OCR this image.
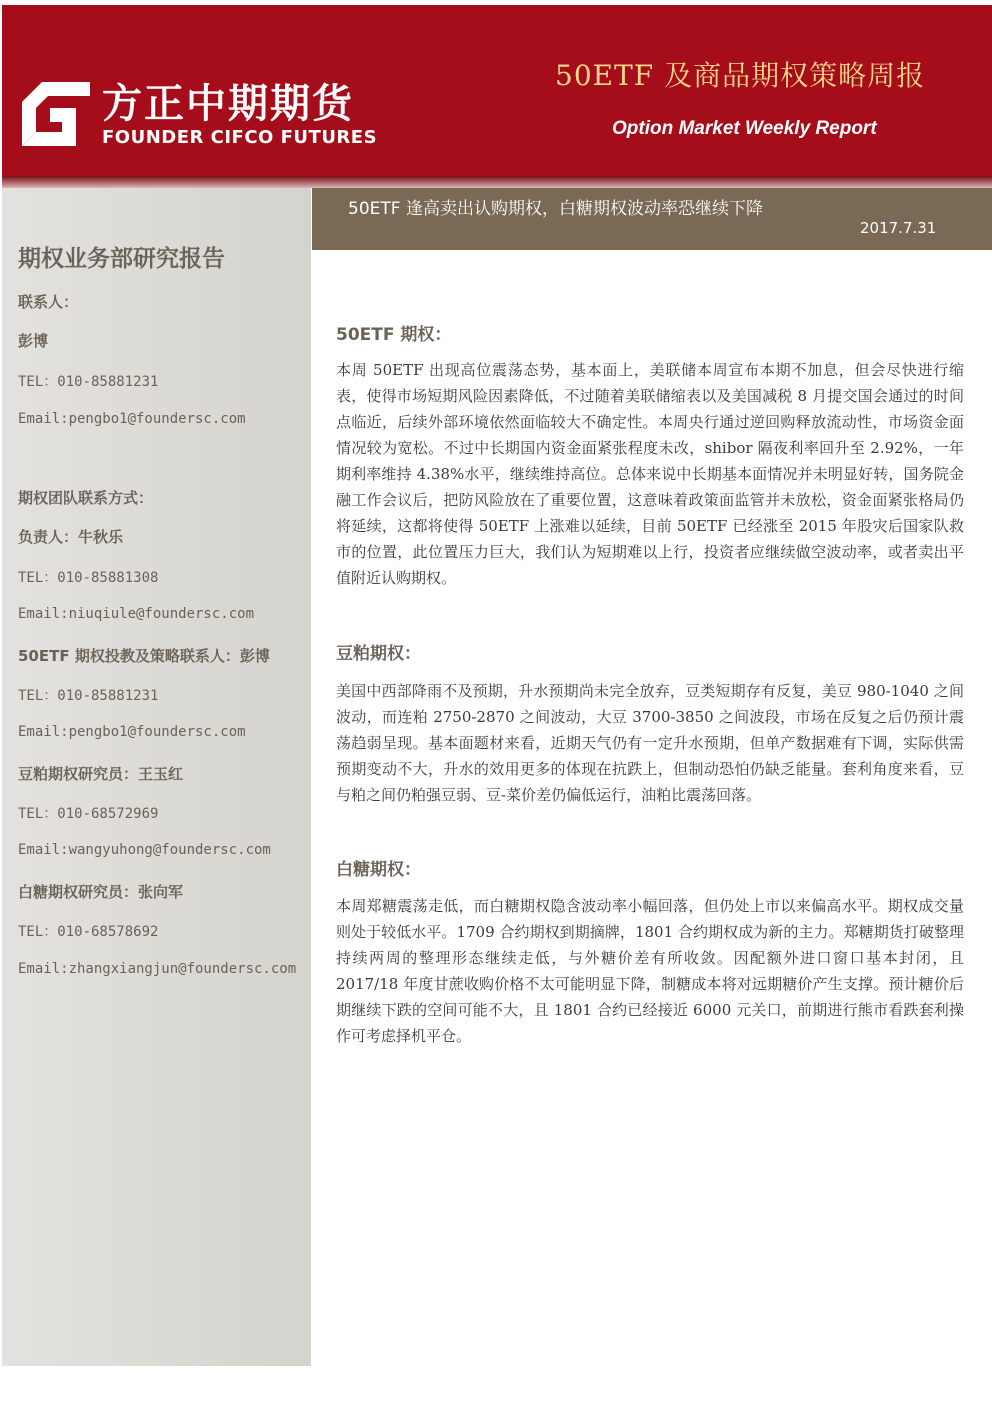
方正中期期货
FOUNDER CIFCO FUTURES
50ETF 及商品期权策略周报
Option Market Weekly Report
50ETF 逢高卖出认购期权，白糖期权波动率恐继续下降
2017.7.31
期权业务部研究报告
联系人：
彭博
TEL：010-85881231
Email:pengbo1@foundersc.com
期权团队联系方式：
负责人：牛秋乐
TEL：010-85881308
Email:niuqiule@foundersc.com
50ETF 期权投教及策略联系人：彭博
TEL：010-85881231
Email:pengbo1@foundersc.com
豆粕期权研究员：王玉红
TEL：010-68572969
Email:wangyuhong@foundersc.com
白糖期权研究员：张向军
TEL：010-68578692
Email:zhangxiangjun@foundersc.com
50ETF 期权：

本周 50ETF 出现高位震荡态势，基本面上，美联储本周宣布本期不加息，但会尽快进行缩表，使得市场短期风险因素降低，不过随着美联储缩表以及美国减税 8 月提交国会通过的时间点临近，后续外部环境依然面临较大不确定性。本周央行通过逆回购释放流动性，市场资金面情况较为宽松。不过中长期国内资金面紧张程度未改，shibor 隔夜利率回升至 2.92%，一年期利率维持 4.38%水平，继续维持高位。总体来说中长期基本面情况并未明显好转，国务院金融工作会议后，把防风险放在了重要位置，这意味着政策面监管并未放松，资金面紧张格局仍将延续，这都将使得 50ETF 上涨难以延续，目前 50ETF 已经涨至 2015 年股灾后国家队救市的位置，此位置压力巨大，我们认为短期难以上行，投资者应继续做空波动率，或者卖出平值附近认购期权。

豆粕期权：

美国中西部降雨不及预期，升水预期尚未完全放弃，豆类短期存有反复，美豆 980-1040 之间波动，而连粕 2750-2870 之间波动，大豆 3700-3850 之间波段，市场在反复之后仍预计震荡趋弱呈现。基本面题材来看，近期天气仍有一定升水预期，但单产数据难有下调，实际供需预期变动不大，升水的效用更多的体现在抗跌上，但制动恐怕仍缺乏能量。套利角度来看，豆与粕之间仍粕强豆弱、豆-菜价差仍偏低运行，油粕比震荡回落。

白糖期权：

本周郑糖震荡走低，而白糖期权隐含波动率小幅回落，但仍处上市以来偏高水平。期权成交量则处于较低水平。1709 合约期权到期摘牌，1801 合约期权成为新的主力。郑糖期货打破整理持续两周的整理形态继续走低，与外糖价差有所收敛。因配额外进口窗口基本封闭，且 2017/18 年度甘蔗收购价格不太可能明显下降，制糖成本将对远期糖价产生支撑。预计糖价后期继续下跌的空间可能不大，且 1801 合约已经接近 6000 元关口，前期进行熊市看跌套利操作可考虑择机平仓。
